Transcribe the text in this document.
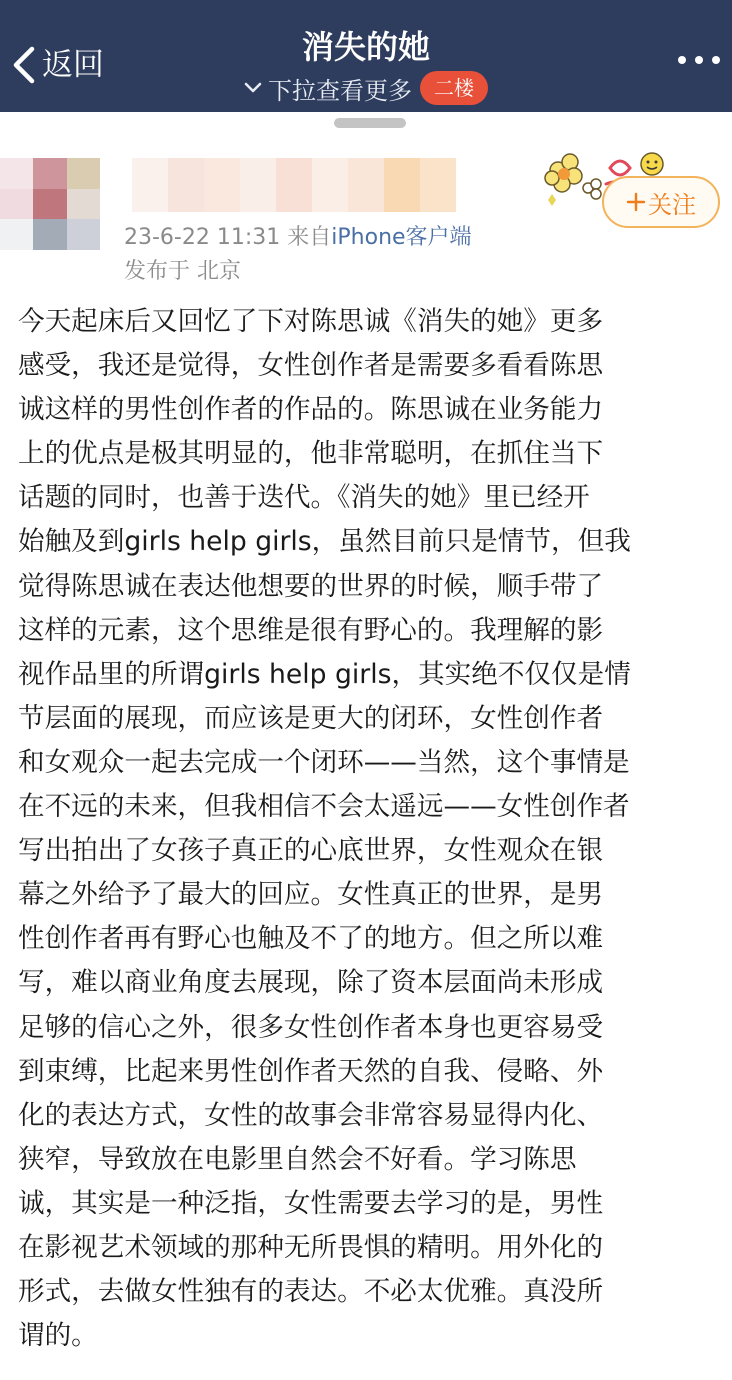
返回	消失的她
下拉查看更多	二楼
23-6-22 11:31 来自iPhone客户端
发布于 北京
关注
今天起床后又回忆了下对陈思诚《消失的她》更多
感受，我还是觉得，女性创作者是需要多看看陈思
诚这样的男性创作者的作品的。陈思诚在业务能力
上的优点是极其明显的，他非常聪明，在抓住当下
话题的同时，也善于迭代。《消失的她》里已经开
始触及到girls help girls，虽然目前只是情节，但我
觉得陈思诚在表达他想要的世界的时候，顺手带了
这样的元素，这个思维是很有野心的。我理解的影
视作品里的所谓girls help girls，其实绝不仅仅是情
节层面的展现，而应该是更大的闭环，女性创作者
和女观众一起去完成一个闭环——当然，这个事情是
在不远的未来，但我相信不会太遥远——女性创作者
写出拍出了女孩子真正的心底世界，女性观众在银
幕之外给予了最大的回应。女性真正的世界，是男
性创作者再有野心也触及不了的地方。但之所以难
写，难以商业角度去展现，除了资本层面尚未形成
足够的信心之外，很多女性创作者本身也更容易受
到束缚，比起来男性创作者天然的自我、侵略、外
化的表达方式，女性的故事会非常容易显得内化、
狭窄，导致放在电影里自然会不好看。学习陈思
诚，其实是一种泛指，女性需要去学习的是，男性
在影视艺术领域的那种无所畏惧的精明。用外化的
形式，去做女性独有的表达。不必太优雅。真没所
谓的。
